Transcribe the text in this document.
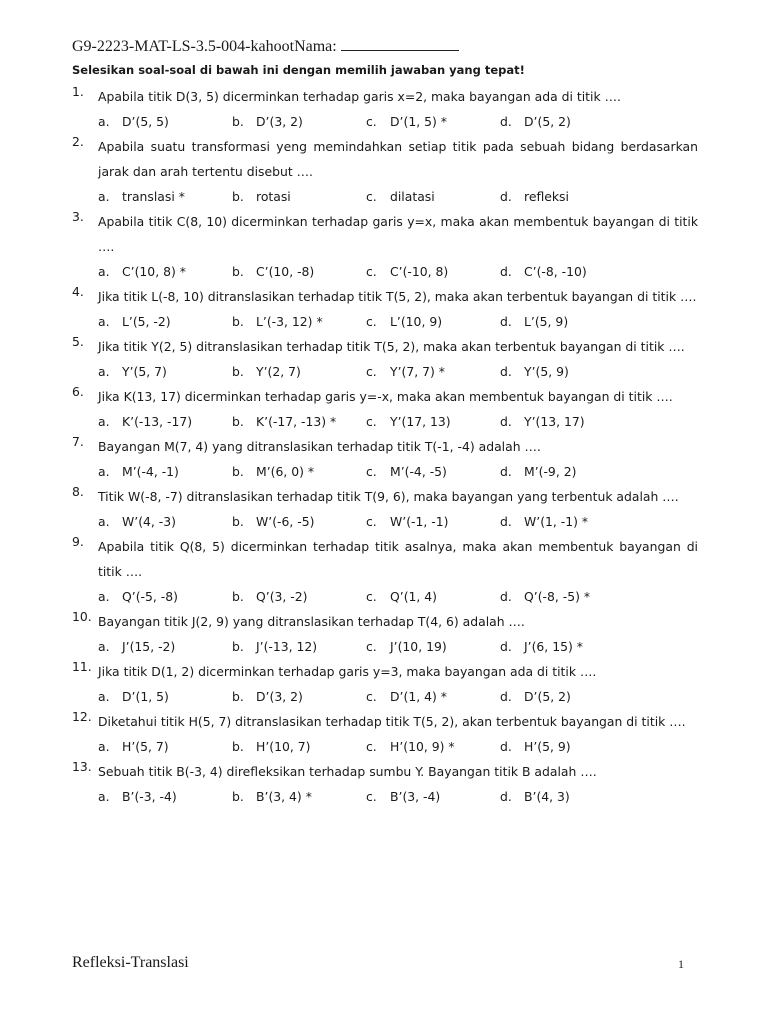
G9-2223-MAT-LS-3.5-004-kahootNama:
Selesikan soal-soal di bawah ini dengan memilih jawaban yang tepat!
1. Apabila titik D(3, 5) dicerminkan terhadap garis x=2, maka bayangan ada di titik ….
a.	D’(5, 5)	b. D’(3, 2)	c.	D’(1, 5) *	d. D’(5, 2)
2. Apabila suatu transformasi yeng memindahkan setiap titik pada sebuah bidang berdasarkan jarak dan arah tertentu disebut ….
a.	translasi *	b. rotasi	c.	dilatasi	d. refleksi
3. Apabila titik C(8, 10) dicerminkan terhadap garis y=x, maka akan membentuk bayangan di titik ….
a.	C’(10, 8) *	b. C’(10, -8)	c.	C’(-10, 8)	d. C’(-8, -10)
4. Jika titik L(-8, 10) ditranslasikan terhadap titik T(5, 2), maka akan terbentuk bayangan di titik ….
a.	L’(5, -2)	b. L’(-3, 12) *	c.	L’(10, 9)	d. L’(5, 9)
5. Jika titik Y(2, 5) ditranslasikan terhadap titik T(5, 2), maka akan terbentuk bayangan di titik ….
a.	Y’(5, 7)	b. Y’(2, 7)	c.	Y’(7, 7) *	d. Y’(5, 9)
6. Jika K(13, 17) dicerminkan terhadap garis y=-x, maka akan membentuk bayangan di titik ….
a.	K’(-13, -17)	b. K’(-17, -13) * c.	Y’(17, 13)	d. Y’(13, 17)
7. Bayangan M(7, 4) yang ditranslasikan terhadap titik T(-1, -4) adalah ….
a.	M’(-4, -1)	b. M’(6, 0) *	c.	M’(-4, -5)	d. M’(-9, 2)
8. Titik W(-8, -7) ditranslasikan terhadap titik T(9, 6), maka bayangan yang terbentuk adalah ….
a.	W’(4, -3)	b. W’(-6, -5)	c.	W’(-1, -1)	d. W’(1, -1) *
9. Apabila titik Q(8, 5) dicerminkan terhadap titik asalnya, maka akan membentuk bayangan di titik ….
a.	Q’(-5, -8)	b. Q’(3, -2)	c.	Q’(1, 4)	d. Q’(-8, -5) *
10. Bayangan titik J(2, 9) yang ditranslasikan terhadap T(4, 6) adalah ….
a.	J’(15, -2)	b. J’(-13, 12)	c.	J’(10, 19)	d. J’(6, 15) *
11. Jika titik D(1, 2) dicerminkan terhadap garis y=3, maka bayangan ada di titik ….
a.	D’(1, 5)	b. D’(3, 2)	c.	D’(1, 4) *	d. D’(5, 2)
12. Diketahui titik H(5, 7) ditranslasikan terhadap titik T(5, 2), akan terbentuk bayangan di titik ….
a.	H’(5, 7)	b. H’(10, 7)	c.	H’(10, 9) *	d. H’(5, 9)
13. Sebuah titik B(-3, 4) direfleksikan terhadap sumbu Y. Bayangan titik B adalah ….
a.	B’(-3, -4)	b. B’(3, 4) *	c.	B’(3, -4)	d. B’(4, 3)
Refleksi-Translasi	1
